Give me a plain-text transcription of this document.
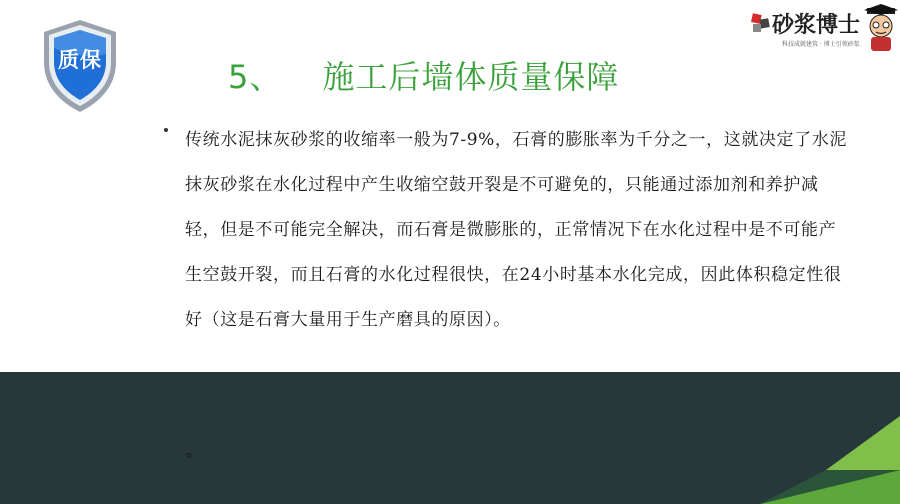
质保	5、 施工后墙体质量保障
砂浆博士
科技成就建筑 · 博士引领砂浆

传统水泥抹灰砂浆的收缩率一般为7-9%，石膏的膨胀率为千分之一，这就决定了水泥抹灰砂浆在水化过程中产生收缩空鼓开裂是不可避免的，只能通过添加剂和养护减轻，但是不可能完全解决，而石膏是微膨胀的，正常情况下在水化过程中是不可能产生空鼓开裂，而且石膏的水化过程很快，在24小时基本水化完成，因此体积稳定性很好（这是石膏大量用于生产磨具的原因）。

。
